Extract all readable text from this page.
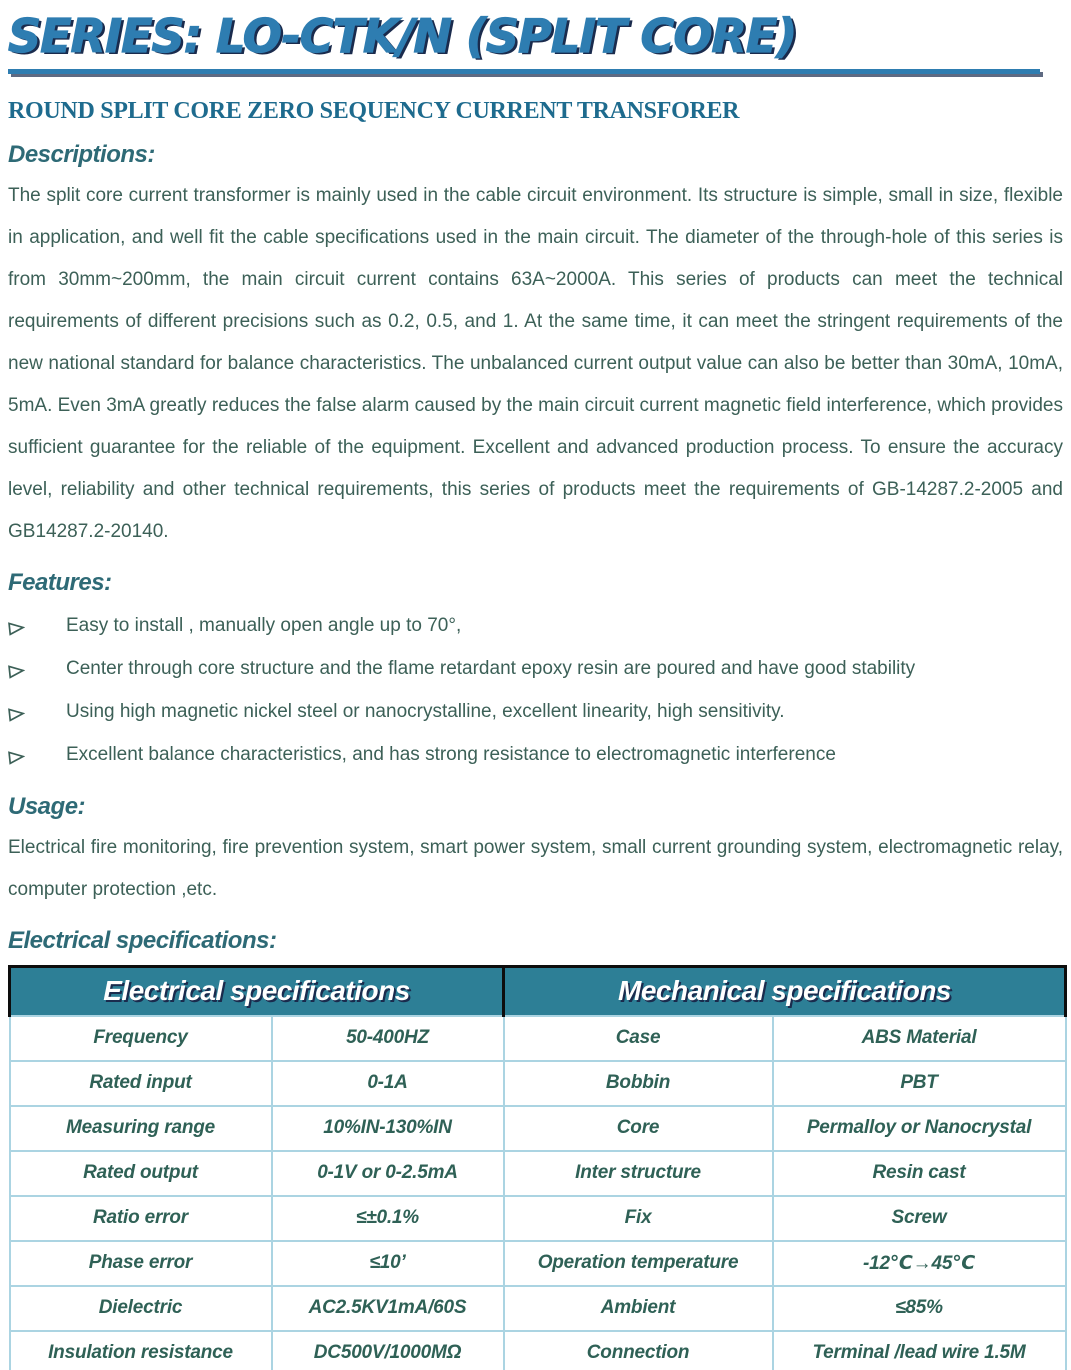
SERIES: LO-CTK/N (SPLIT CORE)
ROUND SPLIT CORE ZERO SEQUENCY CURRENT TRANSFORER
Descriptions:

The split core current transformer is mainly used in the cable circuit environment. Its structure is simple, small in size, flexible in application, and well fit the cable specifications used in the main circuit. The diameter of the through-hole of this series is from 30mm~200mm, the main circuit current contains 63A~2000A. This series of products can meet the technical requirements of different precisions such as 0.2, 0.5, and 1. At the same time, it can meet the stringent requirements of the new national standard for balance characteristics. The unbalanced current output value can also be better than 30mA, 10mA, 5mA. Even 3mA greatly reduces the false alarm caused by the main circuit current magnetic field interference, which provides sufficient guarantee for the reliable of the equipment. Excellent and advanced production process. To ensure the accuracy level, reliability and other technical requirements, this series of products meet the requirements of GB-14287.2-2005 and GB14287.2-20140.

Features:
Easy to install , manually open angle up to 70°,
Center through core structure and the flame retardant epoxy resin are poured and have good stability
Using high magnetic nickel steel or nanocrystalline, excellent linearity, high sensitivity.
Excellent balance characteristics, and has strong resistance to electromagnetic interference
Usage:

Electrical fire monitoring, fire prevention system, smart power system, small current grounding system, electromagnetic relay, computer protection ,etc.

Electrical specifications:
Electrical specifications		Mechanical specifications	
Frequency	50-400HZ	Case	ABS Material
Rated input	0-1A	Bobbin	PBT
Measuring range	10%IN-130%IN	Core	Permalloy or Nanocrystal
Rated output	0-1V or 0-2.5mA	Inter structure	Resin cast
Ratio error	≤±0.1%	Fix	Screw
Phase error	≤10’	Operation temperature	-12℃→45℃
Dielectric	AC2.5KV1mA/60S	Ambient	≤85%
Insulation resistance	DC500V/1000MΩ	Connection	Terminal /lead wire 1.5M
